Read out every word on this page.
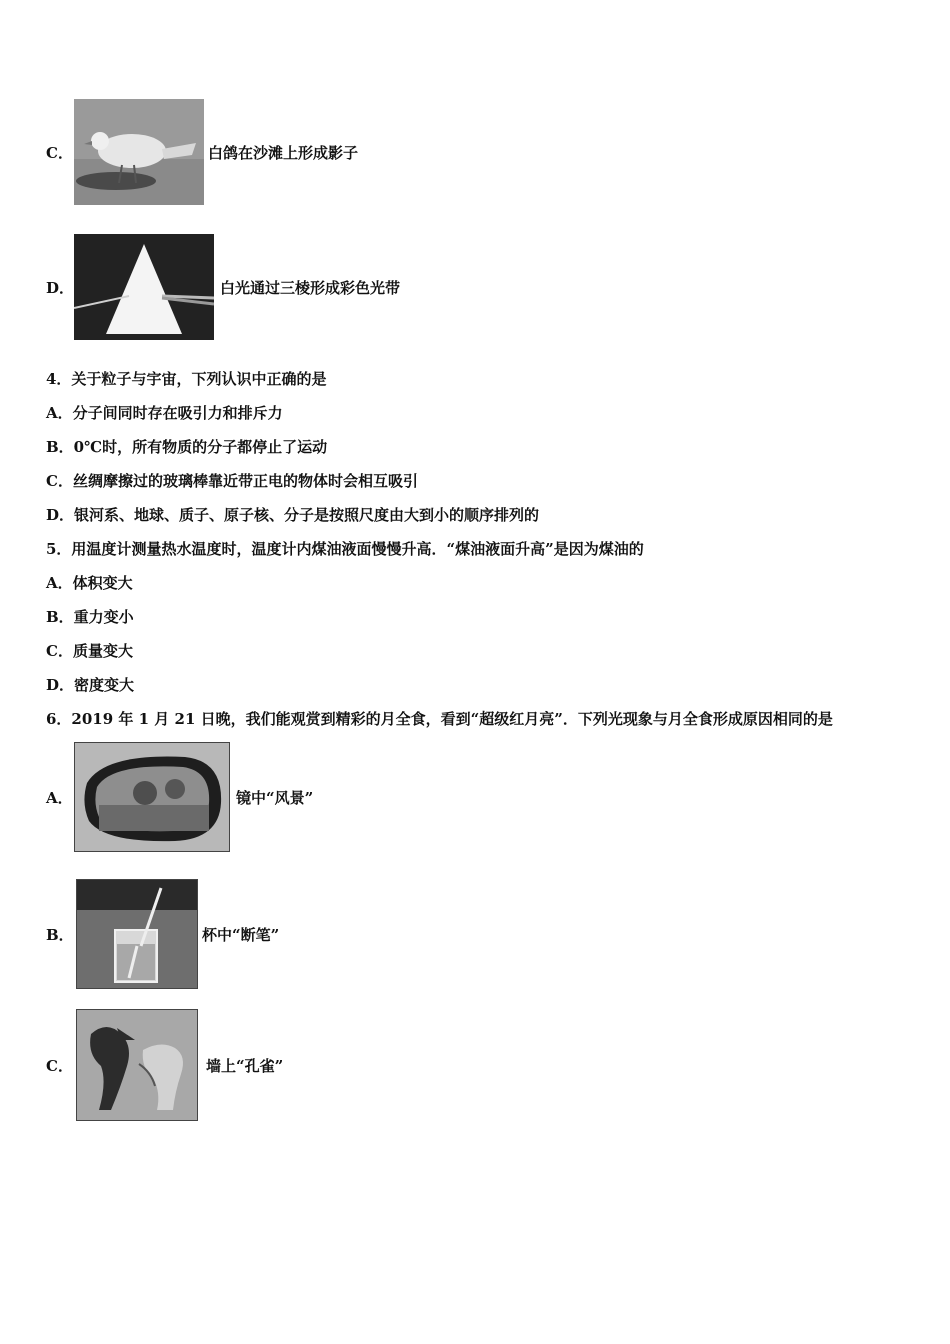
C．	白鸽在沙滩上形成影子
D．	白光通过三棱形成彩色光带
4．关于粒子与宇宙，下列认识中正确的是
A．分子间同时存在吸引力和排斥力
B．0℃时，所有物质的分子都停止了运动
C．丝绸摩擦过的玻璃棒靠近带正电的物体时会相互吸引
D．银河系、地球、质子、原子核、分子是按照尺度由大到小的顺序排列的
5．用温度计测量热水温度时，温度计内煤油液面慢慢升高．“煤油液面升高”是因为煤油的
A．体积变大
B．重力变小
C．质量变大
D．密度变大
6．2019 年 1 月 21 日晚，我们能观赏到精彩的月全食，看到“超级红月亮”．下列光现象与月全食形成原因相同的是
A．	镜中“风景”
B．	杯中“断笔”
C．	墙上“孔雀”
